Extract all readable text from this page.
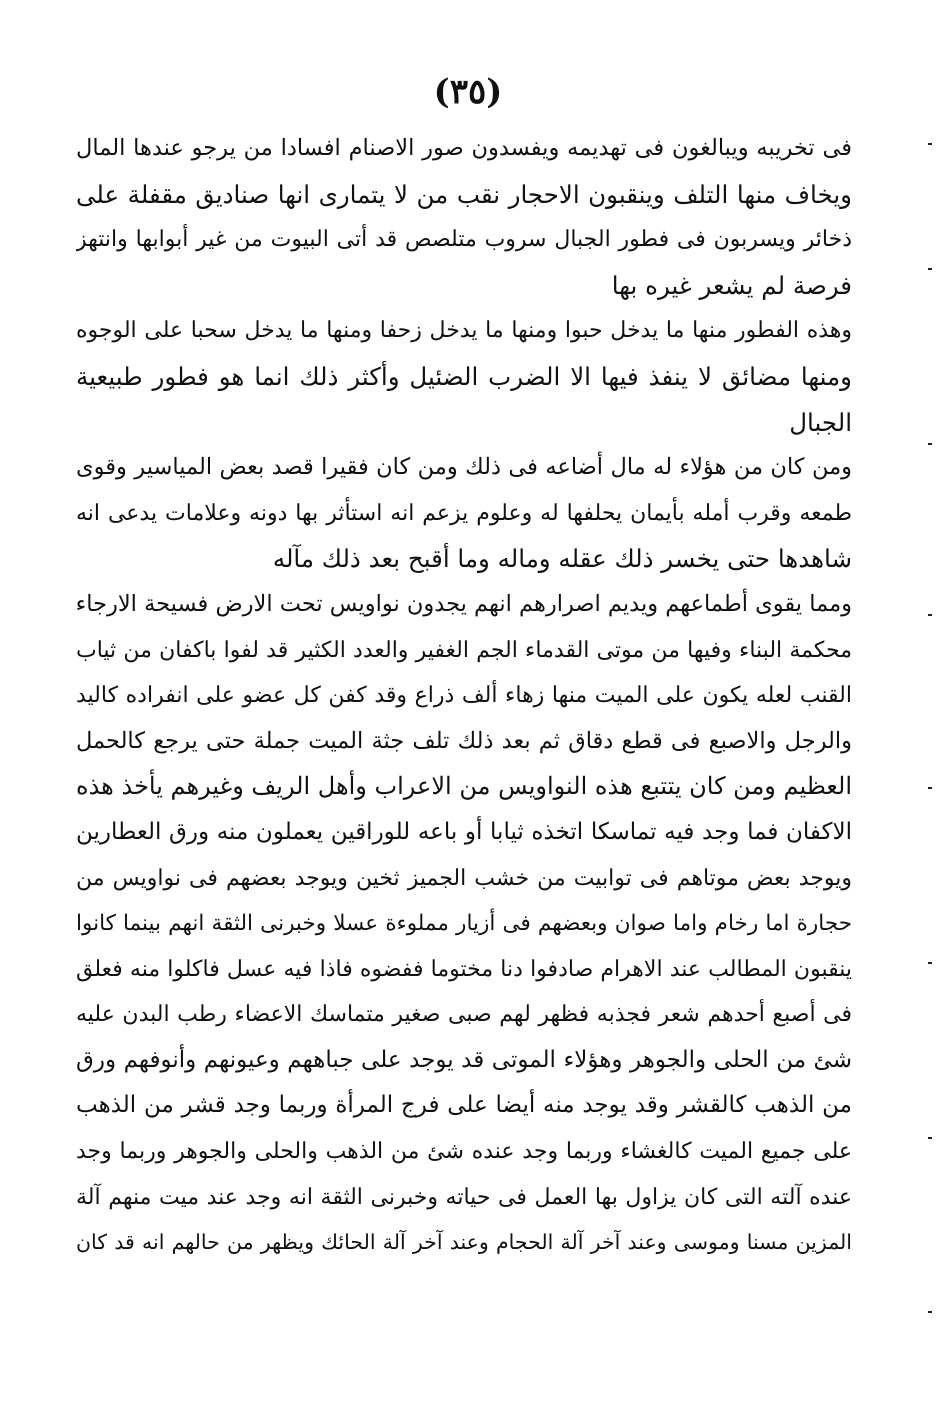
(٣٥)
فى تخريبه ويبالغون فى تهديمه ويفسدون صور الاصنام افسادا من يرجو عندها المال
ويخاف منها التلف وينقبون الاحجار نقب من لا يتمارى انها صناديق مقفلة على
ذخائر ويسربون فى فطور الجبال سروب متلصص قد أتى البيوت من غير أبوابها وانتهز
فرصة لم يشعر غيره بها
وهذه الفطور منها ما يدخل حبوا ومنها ما يدخل زحفا ومنها ما يدخل سحبا على الوجوه
ومنها مضائق لا ينفذ فيها الا الضرب الضئيل وأكثر ذلك انما هو فطور طبيعية
الجبال
ومن كان من هؤلاء له مال أضاعه فى ذلك ومن كان فقيرا قصد بعض المياسير وقوى
طمعه وقرب أمله بأيمان يحلفها له وعلوم يزعم انه استأثر بها دونه وعلامات يدعى انه
شاهدها حتى يخسر ذلك عقله وماله وما أقبح بعد ذلك مآله
ومما يقوى أطماعهم ويديم اصرارهم انهم يجدون نواويس تحت الارض فسيحة الارجاء
محكمة البناء وفيها من موتى القدماء الجم الغفير والعدد الكثير قد لفوا باكفان من ثياب
القنب لعله يكون على الميت منها زهاء ألف ذراع وقد كفن كل عضو على انفراده كاليد
والرجل والاصبع فى قطع دقاق ثم بعد ذلك تلف جثة الميت جملة حتى يرجع كالحمل
العظيم ومن كان يتتبع هذه النواويس من الاعراب وأهل الريف وغيرهم يأخذ هذه
الاكفان فما وجد فيه تماسكا اتخذه ثيابا أو باعه للوراقين يعملون منه ورق العطارين
ويوجد بعض موتاهم فى توابيت من خشب الجميز ثخين ويوجد بعضهم فى نواويس من
حجارة اما رخام واما صوان وبعضهم فى أزيار مملوءة عسلا وخبرنى الثقة انهم بينما كانوا
ينقبون المطالب عند الاهرام صادفوا دنا مختوما ففضوه فاذا فيه عسل فاكلوا منه فعلق
فى أصبع أحدهم شعر فجذبه فظهر لهم صبى صغير متماسك الاعضاء رطب البدن عليه
شئ من الحلى والجوهر وهؤلاء الموتى قد يوجد على جباههم وعيونهم وأنوفهم ورق
من الذهب كالقشر وقد يوجد منه أيضا على فرج المرأة وربما وجد قشر من الذهب
على جميع الميت كالغشاء وربما وجد عنده شئ من الذهب والحلى والجوهر وربما وجد
عنده آلته التى كان يزاول بها العمل فى حياته وخبرنى الثقة انه وجد عند ميت منهم آلة
المزين مسنا وموسى وعند آخر آلة الحجام وعند آخر آلة الحائك ويظهر من حالهم انه قد كان
